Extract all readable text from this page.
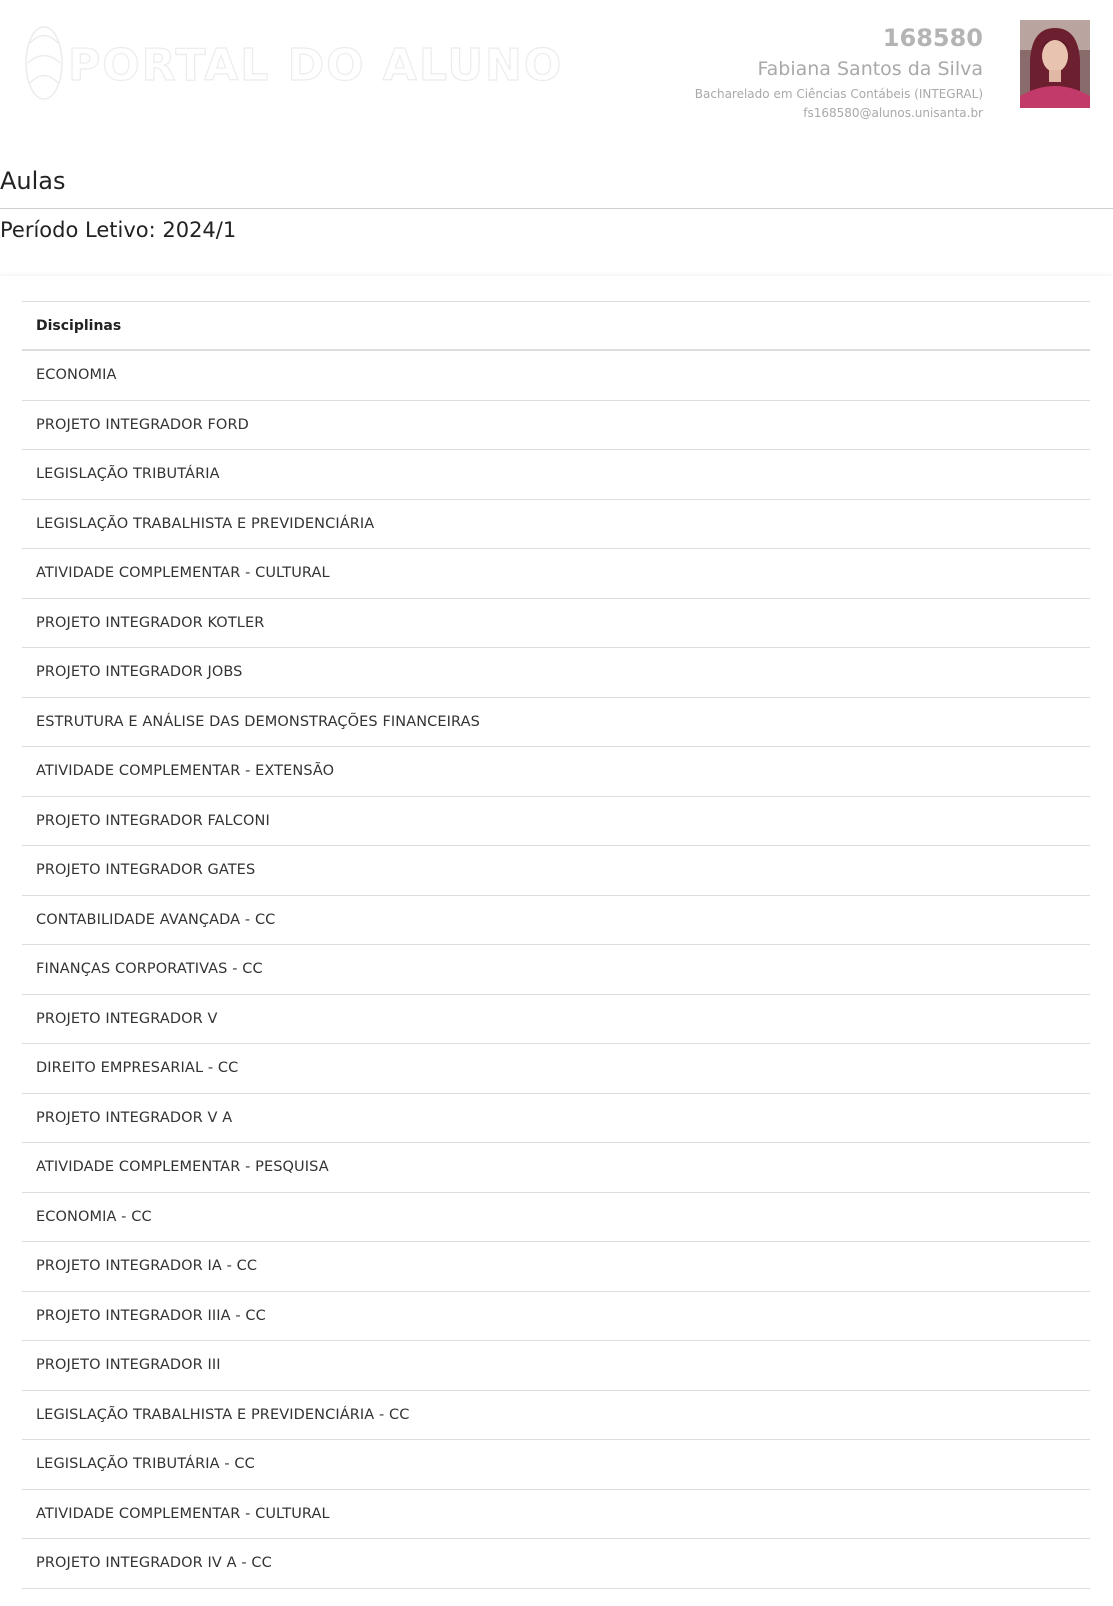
PORTAL DO ALUNO
168580
Fabiana Santos da Silva
Bacharelado em Ciências Contábeis (INTEGRAL)
fs168580@alunos.unisanta.br
Aulas
Período Letivo: 2024/1
Disciplinas
ECONOMIA
PROJETO INTEGRADOR FORD
LEGISLAÇÃO TRIBUTÁRIA
LEGISLAÇÃO TRABALHISTA E PREVIDENCIÁRIA
ATIVIDADE COMPLEMENTAR - CULTURAL
PROJETO INTEGRADOR KOTLER
PROJETO INTEGRADOR JOBS
ESTRUTURA E ANÁLISE DAS DEMONSTRAÇÕES FINANCEIRAS
ATIVIDADE COMPLEMENTAR - EXTENSÃO
PROJETO INTEGRADOR FALCONI
PROJETO INTEGRADOR GATES
CONTABILIDADE AVANÇADA - CC
FINANÇAS CORPORATIVAS - CC
PROJETO INTEGRADOR V
DIREITO EMPRESARIAL - CC
PROJETO INTEGRADOR V A
ATIVIDADE COMPLEMENTAR - PESQUISA
ECONOMIA - CC
PROJETO INTEGRADOR IA - CC
PROJETO INTEGRADOR IIIA - CC
PROJETO INTEGRADOR III
LEGISLAÇÃO TRABALHISTA E PREVIDENCIÁRIA - CC
LEGISLAÇÃO TRIBUTÁRIA - CC
ATIVIDADE COMPLEMENTAR - CULTURAL
PROJETO INTEGRADOR IV A - CC
